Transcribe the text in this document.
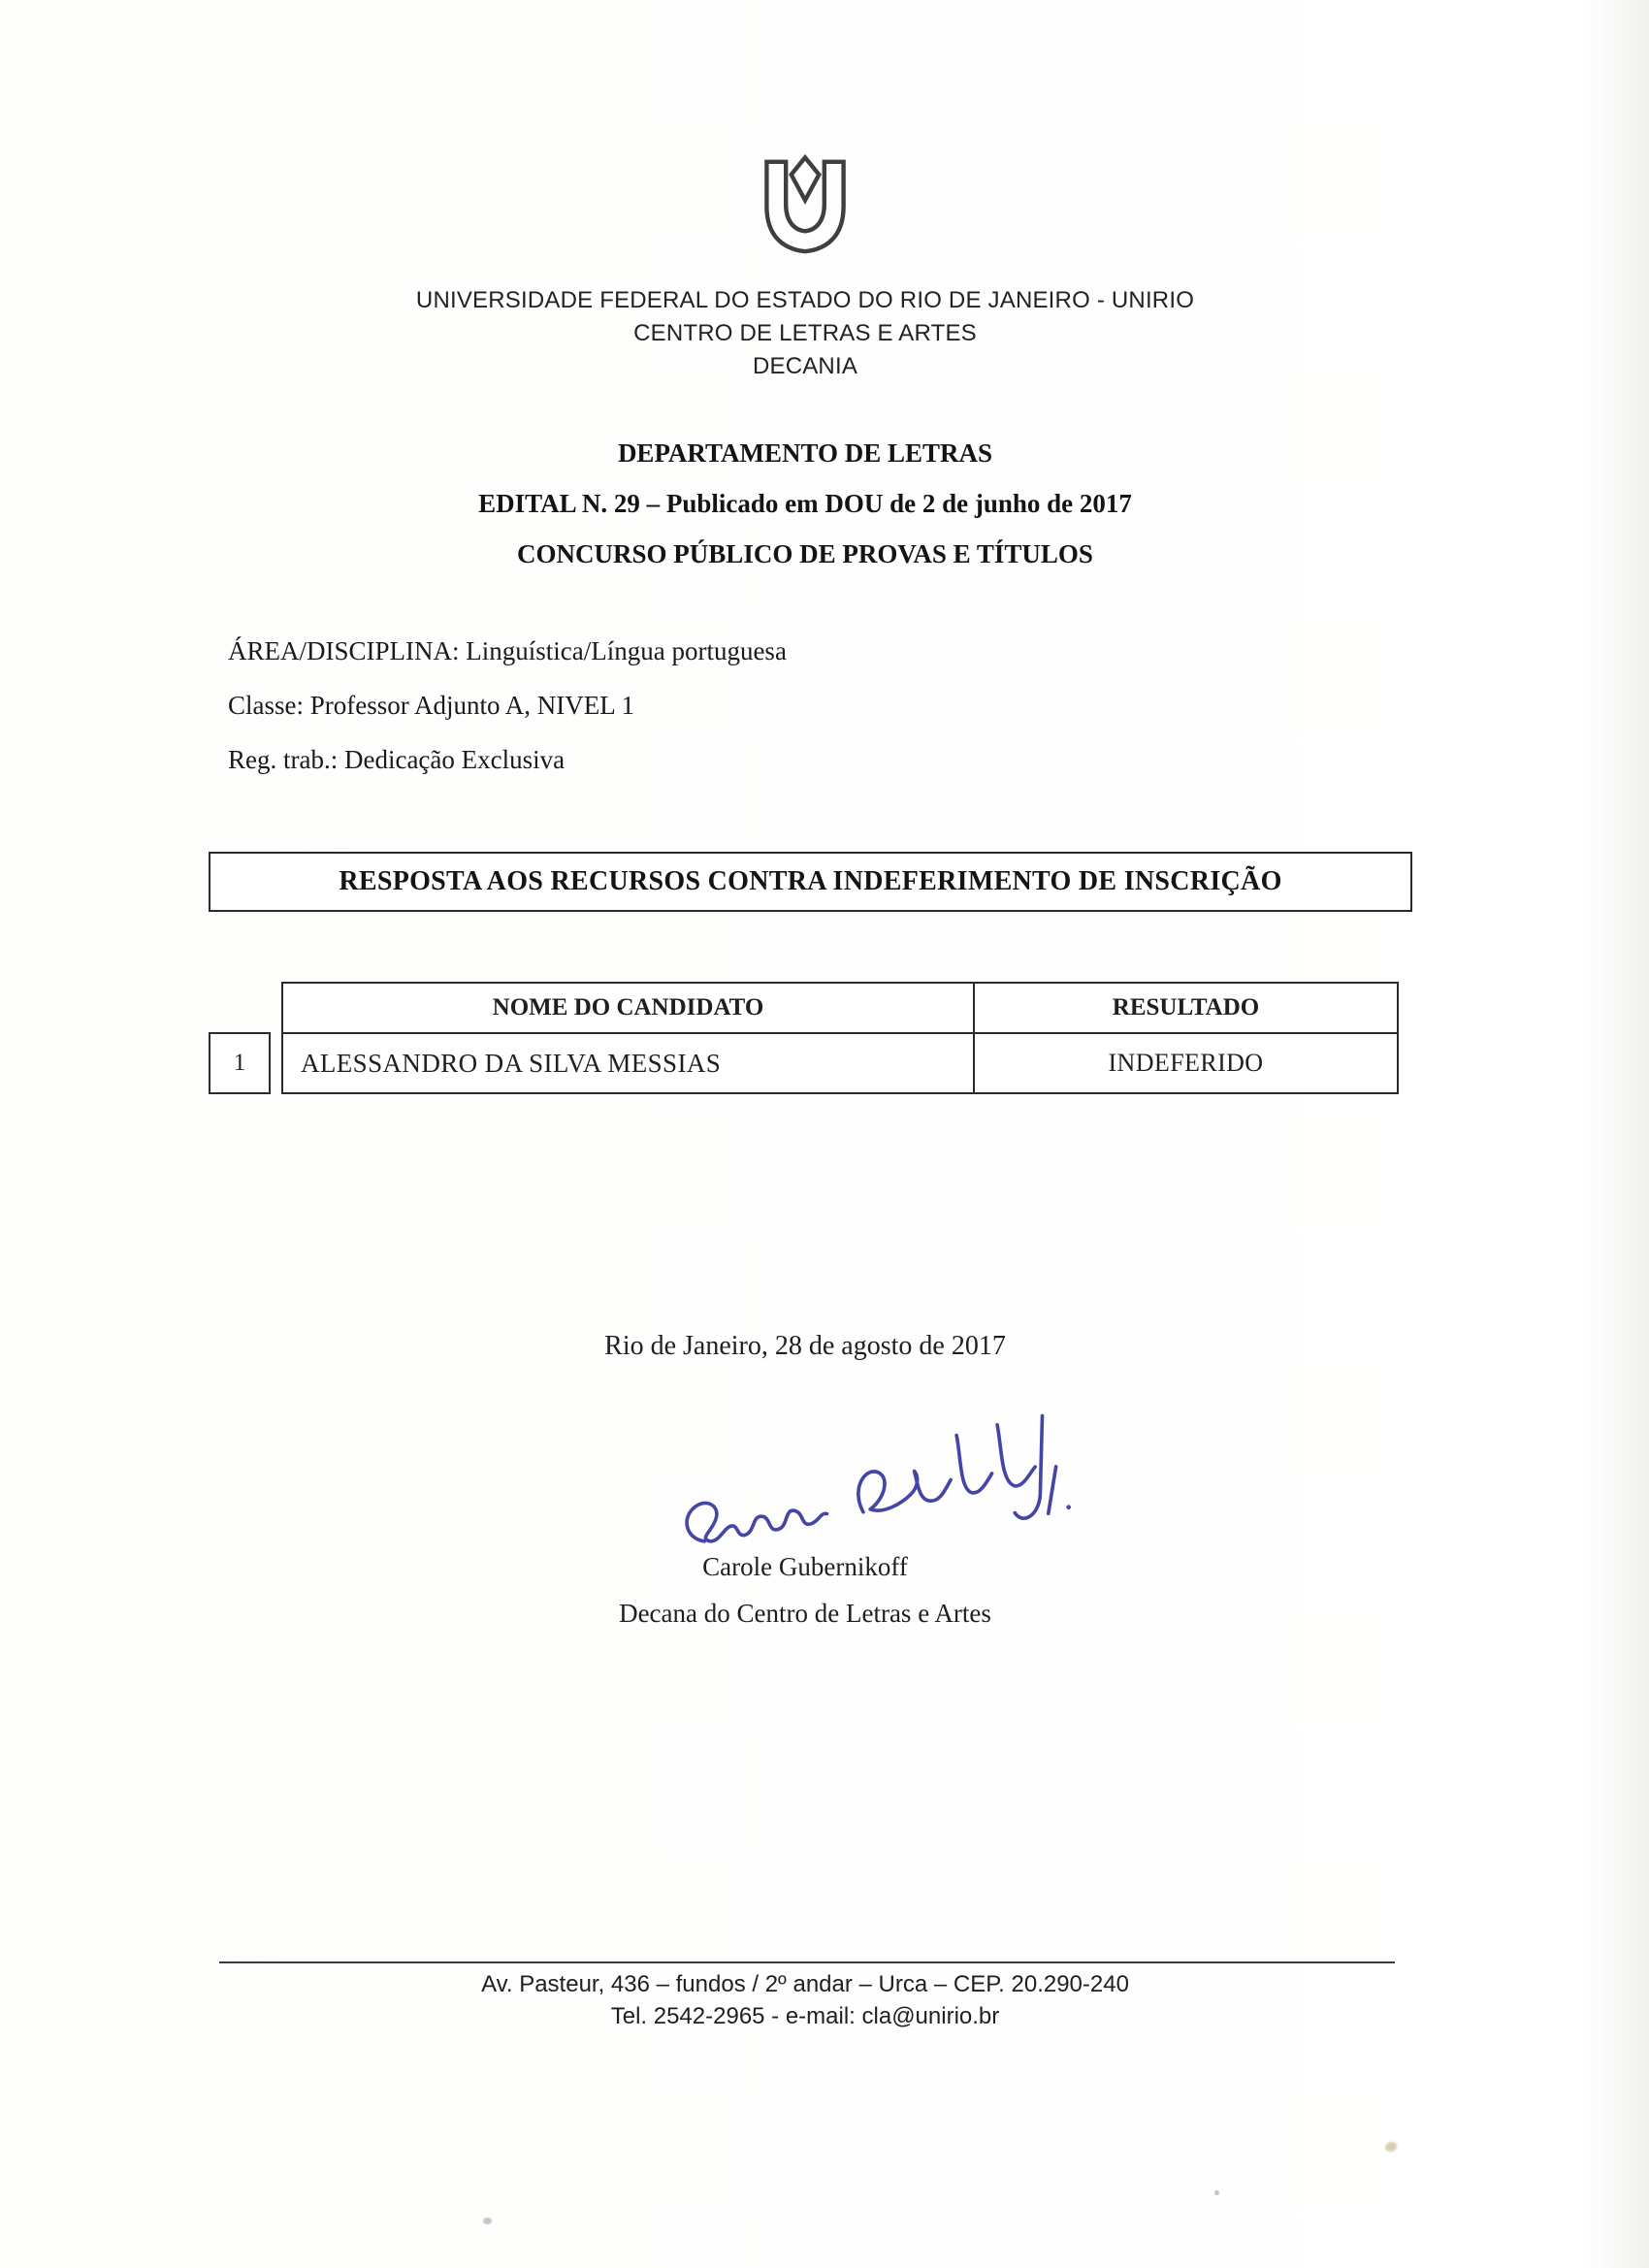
UNIVERSIDADE FEDERAL DO ESTADO DO RIO DE JANEIRO - UNIRIO
CENTRO DE LETRAS E ARTES
DECANIA
DEPARTAMENTO DE LETRAS
EDITAL N. 29 – Publicado em DOU de 2 de junho de 2017
CONCURSO PÚBLICO DE PROVAS E TÍTULOS
ÁREA/DISCIPLINA: Linguística/Língua portuguesa
Classe: Professor Adjunto A, NIVEL 1
Reg. trab.: Dedicação Exclusiva
RESPOSTA AOS RECURSOS CONTRA INDEFERIMENTO DE INSCRIÇÃO
NOME DO CANDIDATO	RESULTADO
1	ALESSANDRO DA SILVA MESSIAS	INDEFERIDO
Rio de Janeiro, 28 de agosto de 2017
Carole Gubernikoff
Decana do Centro de Letras e Artes
Av. Pasteur, 436 – fundos / 2º andar – Urca – CEP. 20.290-240
Tel. 2542-2965 - e-mail: cla@unirio.br
